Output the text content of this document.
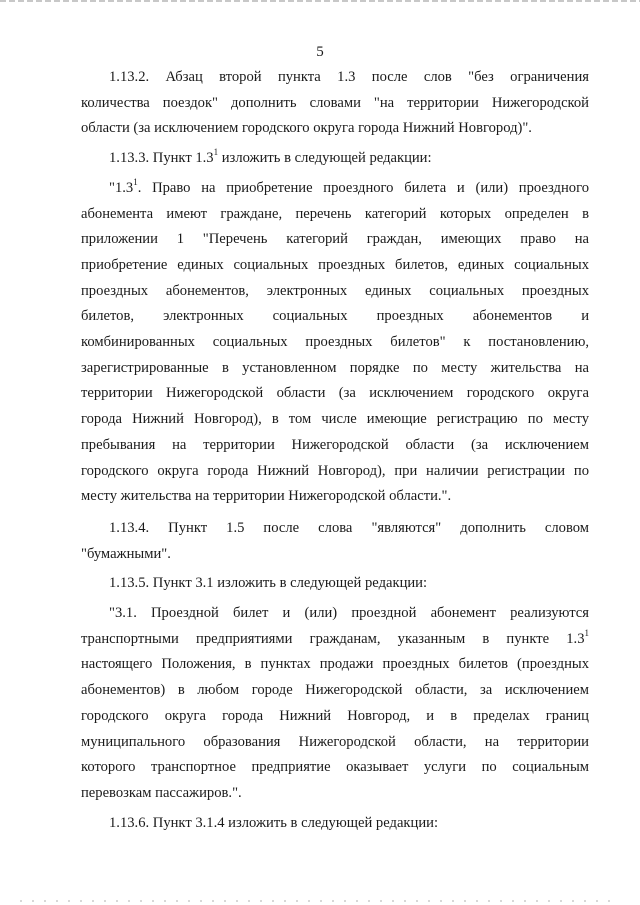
5

1.13.2. Абзац второй пункта 1.3 после слов "без ограничения
количества поездок" дополнить словами "на территории Нижегородской
области (за исключением городского округа города Нижний Новгород)".

1.13.3. Пункт $1.3^1$ изложить в следующей редакции:

"$1.3^1$. Право на приобретение проездного билета и (или) проездного
абонемента имеют граждане, перечень категорий которых определен в
приложении 1 "Перечень категорий граждан, имеющих право на
приобретение единых социальных проездных билетов, единых социальных
проездных абонементов, электронных единых социальных проездных
билетов, электронных социальных проездных абонементов и
комбинированных социальных проездных билетов" к постановлению,
зарегистрированные в установленном порядке по месту жительства на
территории Нижегородской области (за исключением городского округа
города Нижний Новгород), в том числе имеющие регистрацию по месту
пребывания на территории Нижегородской области (за исключением
городского округа города Нижний Новгород), при наличии регистрации по
месту жительства на территории Нижегородской области.".

1.13.4. Пункт 1.5 после слова "являются" дополнить словом
"бумажными".

1.13.5. Пункт 3.1 изложить в следующей редакции:

"3.1. Проездной билет и (или) проездной абонемент реализуются
транспортными предприятиями гражданам, указанным в пункте $1.3^1$
настоящего Положения, в пунктах продажи проездных билетов (проездных
абонементов) в любом городе Нижегородской области, за исключением
городского округа города Нижний Новгород, и в пределах границ
муниципального образования Нижегородской области, на территории
которого транспортное предприятие оказывает услуги по социальным
перевозкам пассажиров.".

1.13.6. Пункт 3.1.4 изложить в следующей редакции:
